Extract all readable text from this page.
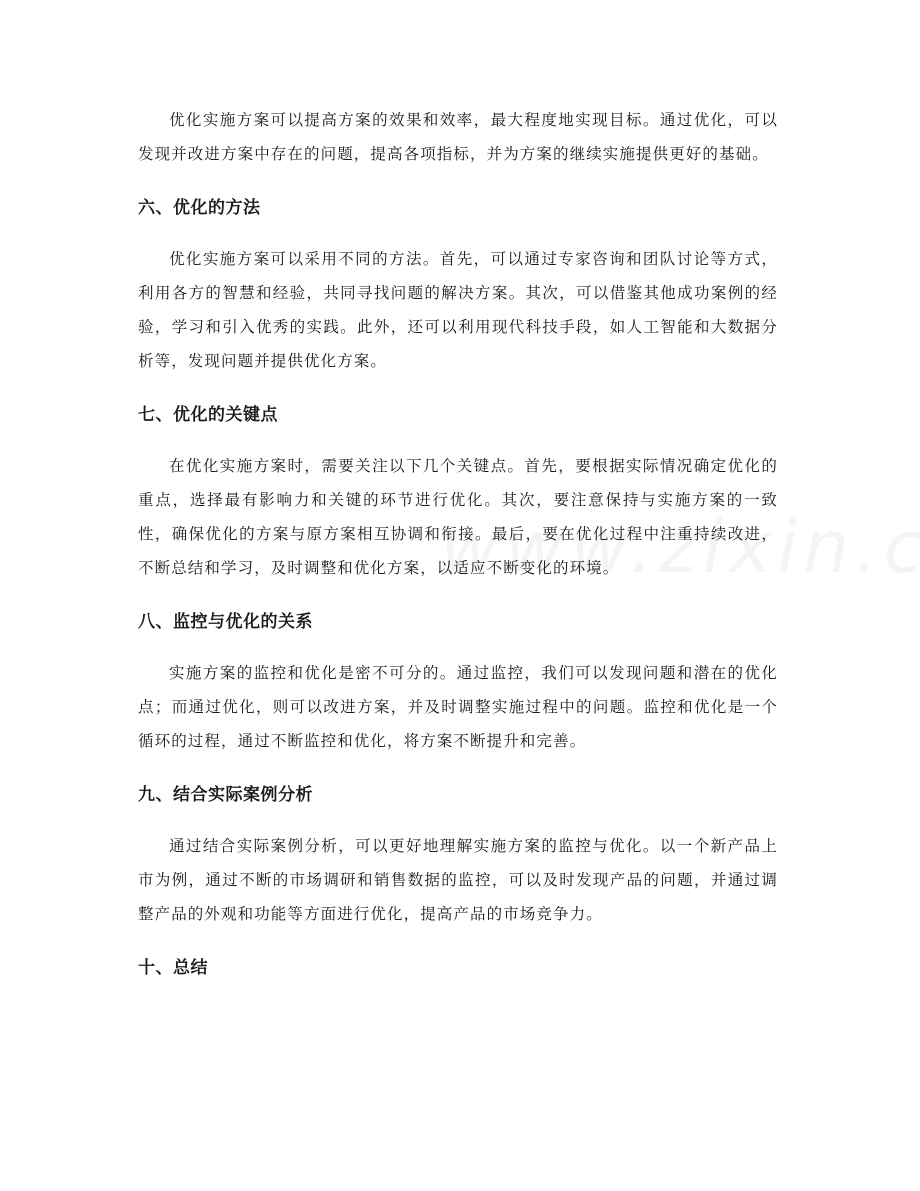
优化实施方案可以提高方案的效果和效率，最大程度地实现目标。通过优化，可以发现并改进方案中存在的问题，提高各项指标，并为方案的继续实施提供更好的基础。

六、优化的方法

优化实施方案可以采用不同的方法。首先，可以通过专家咨询和团队讨论等方式，利用各方的智慧和经验，共同寻找问题的解决方案。其次，可以借鉴其他成功案例的经验，学习和引入优秀的实践。此外，还可以利用现代科技手段，如人工智能和大数据分析等，发现问题并提供优化方案。

七、优化的关键点

在优化实施方案时，需要关注以下几个关键点。首先，要根据实际情况确定优化的重点，选择最有影响力和关键的环节进行优化。其次，要注意保持与实施方案的一致性，确保优化的方案与原方案相互协调和衔接。最后，要在优化过程中注重持续改进，不断总结和学习，及时调整和优化方案，以适应不断变化的环境。

八、监控与优化的关系

实施方案的监控和优化是密不可分的。通过监控，我们可以发现问题和潜在的优化点；而通过优化，则可以改进方案，并及时调整实施过程中的问题。监控和优化是一个循环的过程，通过不断监控和优化，将方案不断提升和完善。

九、结合实际案例分析

通过结合实际案例分析，可以更好地理解实施方案的监控与优化。以一个新产品上市为例，通过不断的市场调研和销售数据的监控，可以及时发现产品的问题，并通过调整产品的外观和功能等方面进行优化，提高产品的市场竞争力。

十、总结
